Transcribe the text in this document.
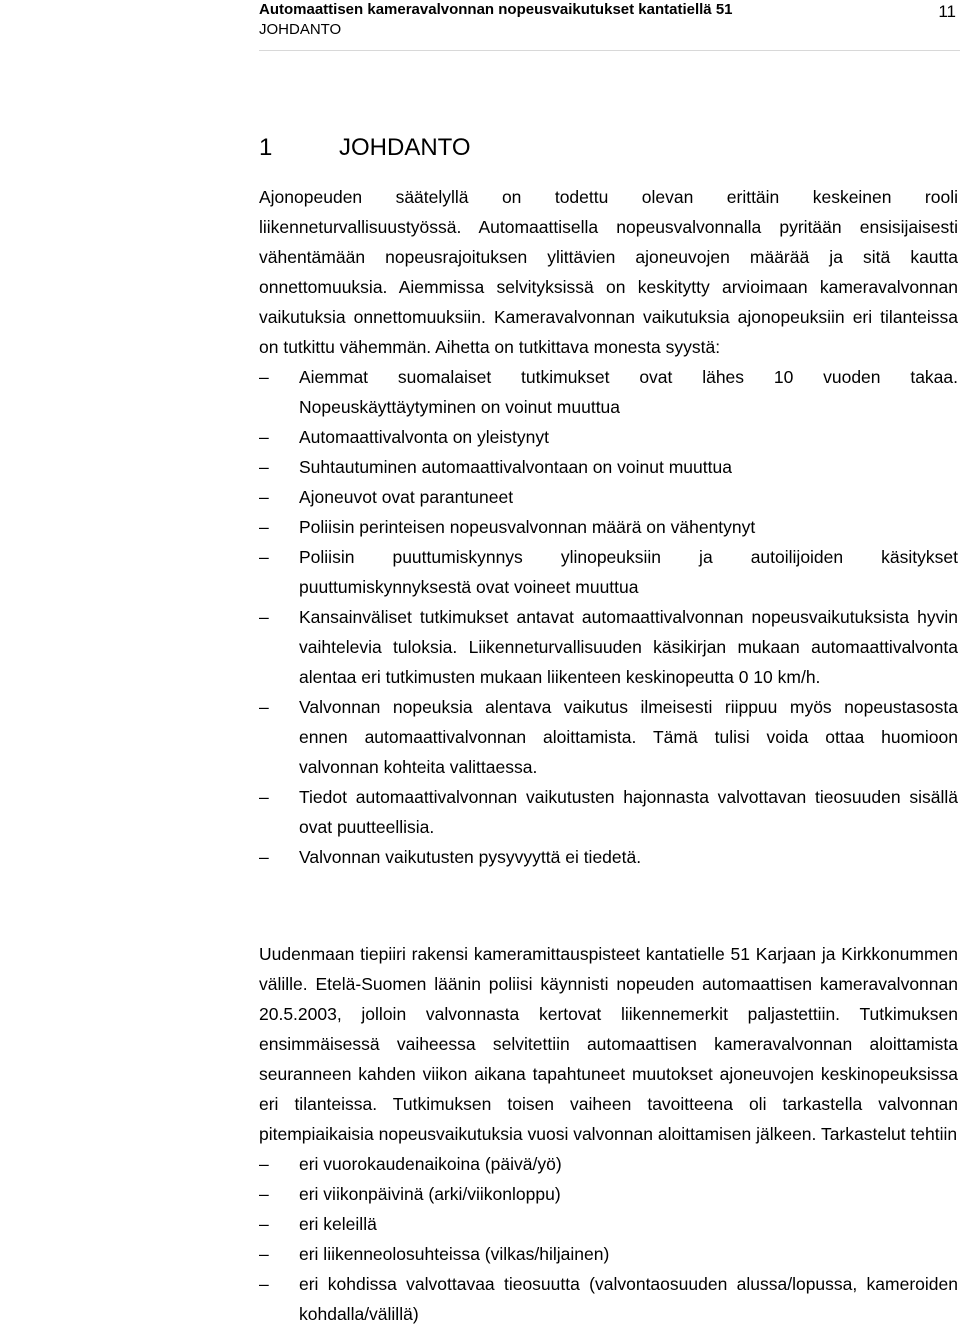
Automaattisen kameravalvonnan nopeusvaikutukset kantatiellä 51
JOHDANTO
11
1	JOHDANTO

Ajonopeuden säätelyllä on todettu olevan erittäin keskeinen rooli liikenneturvallisuustyössä. Automaattisella nopeusvalvonnalla pyritään ensisijaisesti vähentämään nopeusrajoituksen ylittävien ajoneuvojen määrää ja sitä kautta onnettomuuksia. Aiemmissa selvityksissä on keskitytty arvioimaan kameravalvonnan vaikutuksia onnettomuuksiin. Kameravalvonnan vaikutuksia ajonopeuksiin eri tilanteissa on tutkittu vähemmän. Aihetta on tutkittava monesta syystä:

– Aiemmat suomalaiset tutkimukset ovat lähes 10 vuoden takaa. Nopeuskäyttäytyminen on voinut muuttua
– Automaattivalvonta on yleistynyt
– Suhtautuminen automaattivalvontaan on voinut muuttua
– Ajoneuvot ovat parantuneet
– Poliisin perinteisen nopeusvalvonnan määrä on vähentynyt
– Poliisin puuttumiskynnys ylinopeuksiin ja autoilijoiden käsitykset puuttumiskynnyksestä ovat voineet muuttua
– Kansainväliset tutkimukset antavat automaattivalvonnan nopeusvaikutuksista hyvin vaihtelevia tuloksia. Liikenneturvallisuuden käsikirjan mukaan automaattivalvonta alentaa eri tutkimusten mukaan liikenteen keskinopeutta 0 10 km/h.
– Valvonnan nopeuksia alentava vaikutus ilmeisesti riippuu myös nopeustasosta ennen automaattivalvonnan aloittamista. Tämä tulisi voida ottaa huomioon valvonnan kohteita valittaessa.
– Tiedot automaattivalvonnan vaikutusten hajonnasta valvottavan tieosuuden sisällä ovat puutteellisia.
– Valvonnan vaikutusten pysyvyyttä ei tiedetä.

Uudenmaan tiepiiri rakensi kameramittauspisteet kantatielle 51 Karjaan ja Kirkkonummen välille. Etelä-Suomen läänin poliisi käynnisti nopeuden automaattisen kameravalvonnan 20.5.2003, jolloin valvonnasta kertovat liikennemerkit paljastettiin. Tutkimuksen ensimmäisessä vaiheessa selvitettiin automaattisen kameravalvonnan aloittamista seuranneen kahden viikon aikana tapahtuneet muutokset ajoneuvojen keskinopeuksissa eri tilanteissa. Tutkimuksen toisen vaiheen tavoitteena oli tarkastella valvonnan pitempiaikaisia nopeusvaikutuksia vuosi valvonnan aloittamisen jälkeen. Tarkastelut tehtiin

– eri vuorokaudenaikoina (päivä/yö)
– eri viikonpäivinä (arki/viikonloppu)
– eri keleillä
– eri liikenneolosuhteissa (vilkas/hiljainen)
– eri kohdissa valvottavaa tieosuutta (valvontaosuuden alussa/lopussa, kameroiden kohdalla/välillä)
